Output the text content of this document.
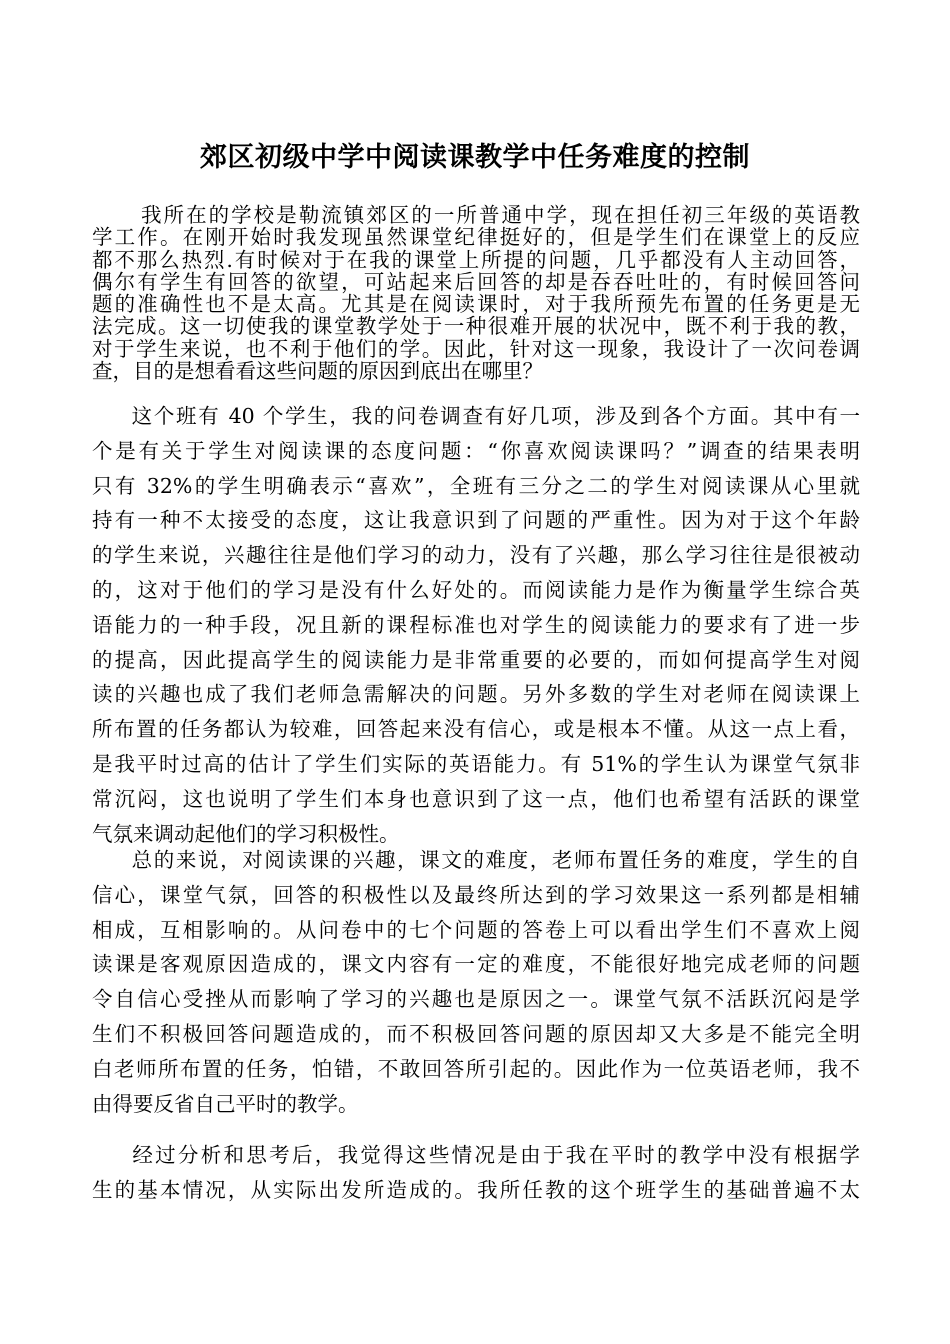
郊区初级中学中阅读课教学中任务难度的控制
我所在的学校是勒流镇郊区的一所普通中学，现在担任初三年级的英语教
学工作。在刚开始时我发现虽然课堂纪律挺好的，但是学生们在课堂上的反应
都不那么热烈.有时候对于在我的课堂上所提的问题，几乎都没有人主动回答，
偶尔有学生有回答的欲望，可站起来后回答的却是吞吞吐吐的，有时候回答问
题的准确性也不是太高。尤其是在阅读课时，对于我所预先布置的任务更是无
法完成。这一切使我的课堂教学处于一种很难开展的状况中，既不利于我的教，
对于学生来说，也不利于他们的学。因此，针对这一现象，我设计了一次问卷调
查，目的是想看看这些问题的原因到底出在哪里？
这个班有 40 个学生，我的问卷调查有好几项，涉及到各个方面。其中有一
个是有关于学生对阅读课的态度问题：“你喜欢阅读课吗？”调查的结果表明
只有 32%的学生明确表示“喜欢”，全班有三分之二的学生对阅读课从心里就
持有一种不太接受的态度，这让我意识到了问题的严重性。因为对于这个年龄
的学生来说，兴趣往往是他们学习的动力，没有了兴趣，那么学习往往是很被动
的，这对于他们的学习是没有什么好处的。而阅读能力是作为衡量学生综合英
语能力的一种手段，况且新的课程标准也对学生的阅读能力的要求有了进一步
的提高，因此提高学生的阅读能力是非常重要的必要的，而如何提高学生对阅
读的兴趣也成了我们老师急需解决的问题。另外多数的学生对老师在阅读课上
所布置的任务都认为较难，回答起来没有信心，或是根本不懂。从这一点上看，
是我平时过高的估计了学生们实际的英语能力。有 51%的学生认为课堂气氛非
常沉闷，这也说明了学生们本身也意识到了这一点，他们也希望有活跃的课堂
气氛来调动起他们的学习积极性。
总的来说，对阅读课的兴趣，课文的难度，老师布置任务的难度，学生的自
信心，课堂气氛，回答的积极性以及最终所达到的学习效果这一系列都是相辅
相成，互相影响的。从问卷中的七个问题的答卷上可以看出学生们不喜欢上阅
读课是客观原因造成的，课文内容有一定的难度，不能很好地完成老师的问题
令自信心受挫从而影响了学习的兴趣也是原因之一。课堂气氛不活跃沉闷是学
生们不积极回答问题造成的，而不积极回答问题的原因却又大多是不能完全明
白老师所布置的任务，怕错，不敢回答所引起的。因此作为一位英语老师，我不
由得要反省自己平时的教学。
经过分析和思考后，我觉得这些情况是由于我在平时的教学中没有根据学
生的基本情况，从实际出发所造成的。我所任教的这个班学生的基础普遍不太
